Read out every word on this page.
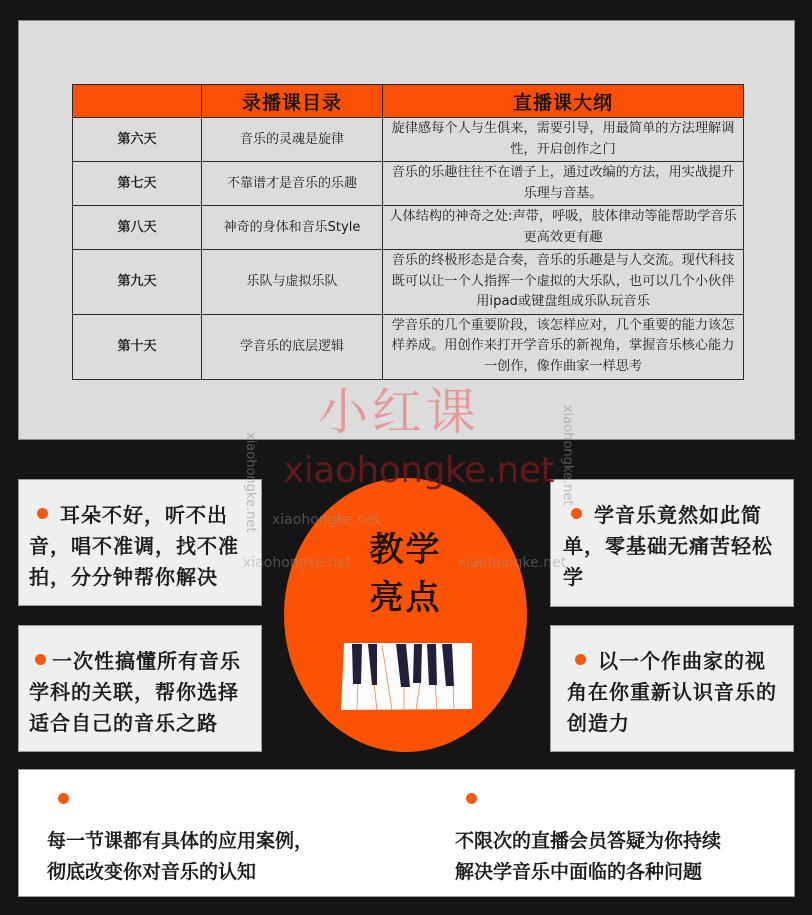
	录播课目录	直播课大纲
第六天	音乐的灵魂是旋律	旋律感每个人与生俱来，需要引导，用最简单的方法理解调性，开启创作之门
第七天	不靠谱才是音乐的乐趣	音乐的乐趣往往不在谱子上，通过改编的方法，用实战提升乐理与音基。
第八天	神奇的身体和音乐Style	人体结构的神奇之处:声带，呼吸，肢体律动等能帮助学音乐更高效更有趣
第九天	乐队与虚拟乐队	音乐的终极形态是合奏，音乐的乐趣是与人交流。现代科技既可以让一个人指挥一个虚拟的大乐队，也可以几个小伙伴用ipad或键盘组成乐队玩音乐
第十天	学音乐的底层逻辑	学音乐的几个重要阶段，该怎样应对，几个重要的能力该怎样养成。用创作来打开学音乐的新视角，掌握音乐核心能力一创作，像作曲家一样思考
小红课
xiaohongke.net
xiaohongke.net	xiaohongke.net
xiaohongke.net
xiaohongke.net	xiaohongke.net
耳朵不好，听不出音，唱不准调，找不准拍，分分钟帮你解决
学音乐竟然如此简单，零基础无痛苦轻松学
一次性搞懂所有音乐学科的关联，帮你选择适合自己的音乐之路
以一个作曲家的视角在你重新认识音乐的创造力
教学
亮点
每一节课都有具体的应用案例，
彻底改变你对音乐的认知
不限次的直播会员答疑为你持续
解决学音乐中面临的各种问题
